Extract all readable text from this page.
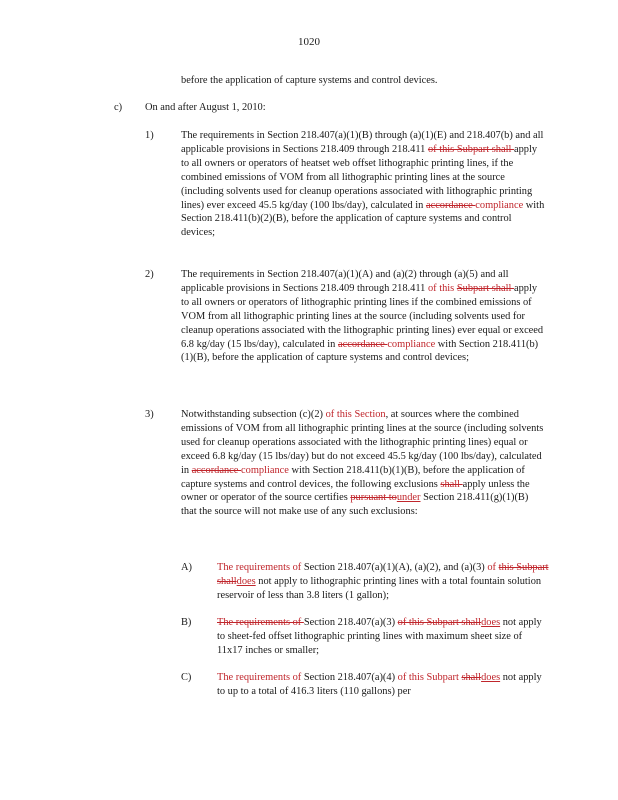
1020

before the application of capture systems and control devices.

c) On and after August 1, 2010:

1)	The requirements in Section 218.407(a)(1)(B) through (a)(1)(E) and 218.407(b) and all applicable provisions in Sections 218.409 through 218.411 of this Subpart shall apply to all owners or operators of heatset web offset lithographic printing lines, if the combined emissions of VOM from all lithographic printing lines at the source (including solvents used for cleanup operations associated with lithographic printing lines) ever exceed 45.5 kg/day (100 lbs/day), calculated in accordance compliance with Section 218.411(b)(2)(B), before the application of capture systems and control devices;

2)	The requirements in Section 218.407(a)(1)(A) and (a)(2) through (a)(5) and all applicable provisions in Sections 218.409 through 218.411 of this Subpart shall apply to all owners or operators of lithographic printing lines if the combined emissions of VOM from all lithographic printing lines at the source (including solvents used for cleanup operations associated with the lithographic printing lines) ever equal or exceed 6.8 kg/day (15 lbs/day), calculated in accordance compliance with Section 218.411(b)(1)(B), before the application of capture systems and control devices;

3)	Notwithstanding subsection (c)(2) of this Section, at sources where the combined emissions of VOM from all lithographic printing lines at the source (including solvents used for cleanup operations associated with the lithographic printing lines) equal or exceed 6.8 kg/day (15 lbs/day) but do not exceed 45.5 kg/day (100 lbs/day), calculated in accordance compliance with Section 218.411(b)(1)(B), before the application of capture systems and control devices, the following exclusions shall apply unless the owner or operator of the source certifies pursuant tounder Section 218.411(g)(1)(B) that the source will not make use of any such exclusions:

A) The requirements of Section 218.407(a)(1)(A), (a)(2), and (a)(3) of this Subpart shalldoes not apply to lithographic printing lines with a total fountain solution reservoir of less than 3.8 liters (1 gallon);

B) The requirements of Section 218.407(a)(3) of this Subpart shalldoes not apply to sheet-fed offset lithographic printing lines with maximum sheet size of 11x17 inches or smaller;

C) The requirements of Section 218.407(a)(4) of this Subpart shalldoes not apply to up to a total of 416.3 liters (110 gallons) per
